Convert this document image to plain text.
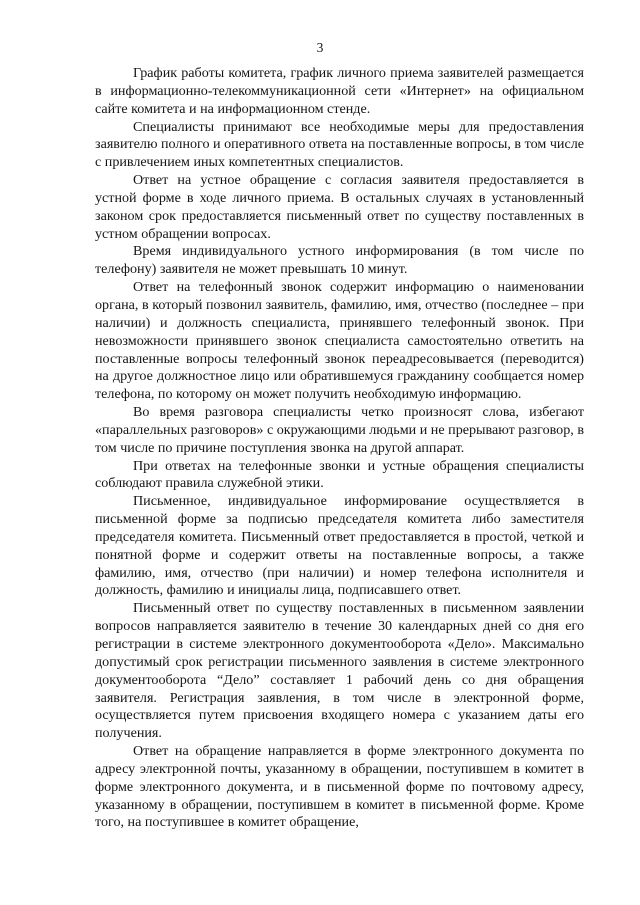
3

График работы комитета, график личного приема заявителей размещается в информационно-телекоммуникационной сети «Интернет» на официальном сайте комитета и на информационном стенде.

Специалисты принимают все необходимые меры для предоставления заявителю полного и оперативного ответа на поставленные вопросы, в том числе с привлечением иных компетентных специалистов.

Ответ на устное обращение с согласия заявителя предоставляется в устной форме в ходе личного приема. В остальных случаях в установленный законом срок предоставляется письменный ответ по существу поставленных в устном обращении вопросах.

Время индивидуального устного информирования (в том числе по телефону) заявителя не может превышать 10 минут.

Ответ на телефонный звонок содержит информацию о наименовании органа, в который позвонил заявитель, фамилию, имя, отчество (последнее – при наличии) и должность специалиста, принявшего телефонный звонок. При невозможности принявшего звонок специалиста самостоятельно ответить на поставленные вопросы телефонный звонок переадресовывается (переводится) на другое должностное лицо или обратившемуся гражданину сообщается номер телефона, по которому он может получить необходимую информацию.

Во время разговора специалисты четко произносят слова, избегают «параллельных разговоров» с окружающими людьми и не прерывают разговор, в том числе по причине поступления звонка на другой аппарат.

При ответах на телефонные звонки и устные обращения специалисты соблюдают правила служебной этики.

Письменное, индивидуальное информирование осуществляется в письменной форме за подписью председателя комитета либо заместителя председателя комитета. Письменный ответ предоставляется в простой, четкой и понятной форме и содержит ответы на поставленные вопросы, а также фамилию, имя, отчество (при наличии) и номер телефона исполнителя и должность, фамилию и инициалы лица, подписавшего ответ.

Письменный ответ по существу поставленных в письменном заявлении вопросов направляется заявителю в течение 30 календарных дней со дня его регистрации в системе электронного документооборота «Дело». Максимально допустимый срок регистрации письменного заявления в системе электронного документооборота “Дело” составляет 1 рабочий день со дня обращения заявителя. Регистрация заявления, в том числе в электронной форме, осуществляется путем присвоения входящего номера с указанием даты его получения.

Ответ на обращение направляется в форме электронного документа по адресу электронной почты, указанному в обращении, поступившем в комитет в форме электронного документа, и в письменной форме по почтовому адресу, указанному в обращении, поступившем в комитет в письменной форме. Кроме того, на поступившее в комитет обращение,
